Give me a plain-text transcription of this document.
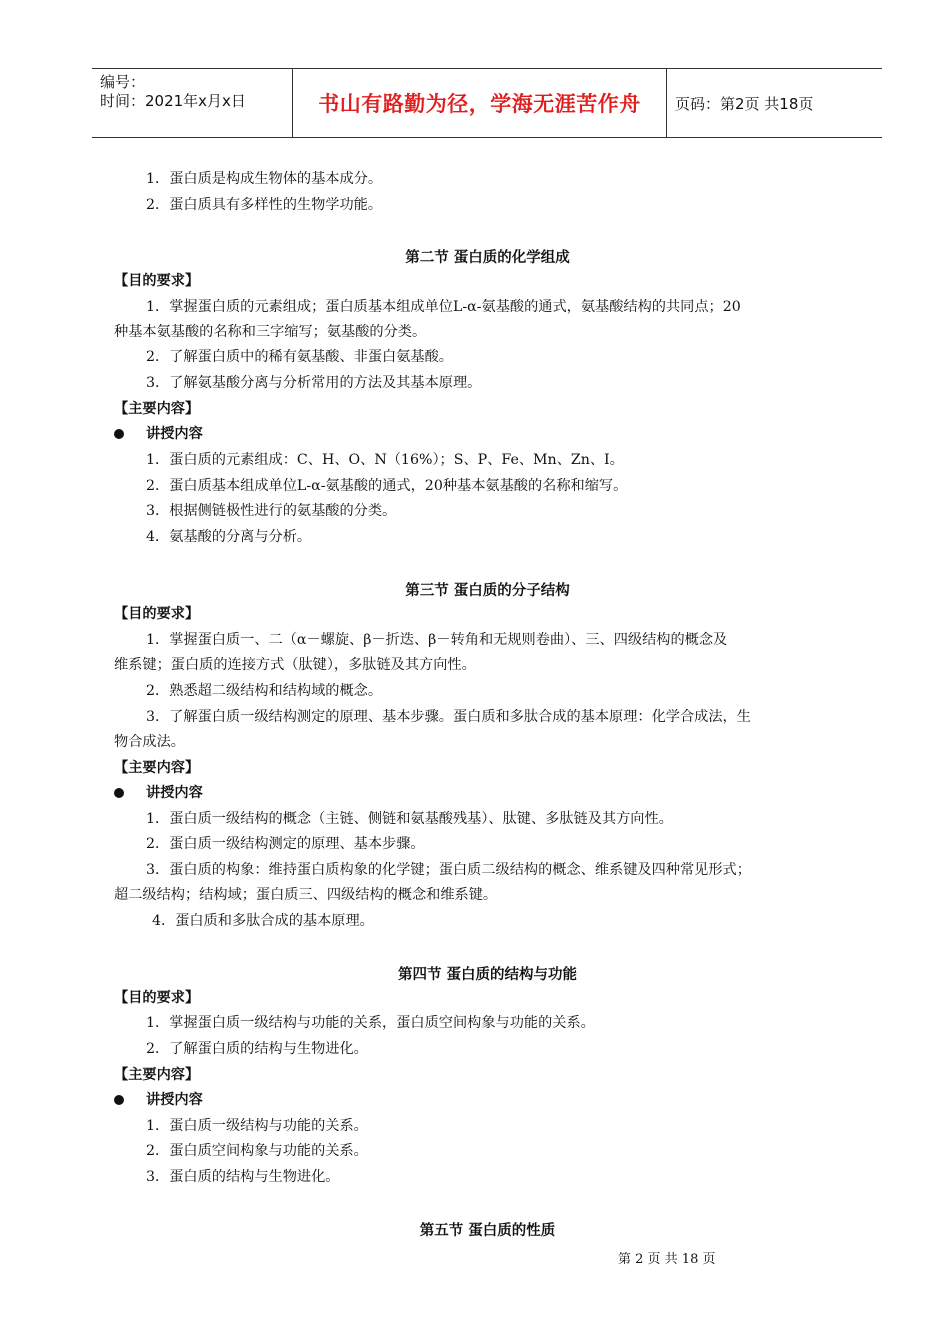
编号：
时间：2021年x月x日	书山有路勤为径，学海无涯苦作舟	页码：第2页 共18页
1．蛋白质是构成生物体的基本成分。
2．蛋白质具有多样性的生物学功能。
第二节 蛋白质的化学组成
【目的要求】
1．掌握蛋白质的元素组成；蛋白质基本组成单位L-α-氨基酸的通式，氨基酸结构的共同点；20
种基本氨基酸的名称和三字缩写；氨基酸的分类。
2．了解蛋白质中的稀有氨基酸、非蛋白氨基酸。
3．了解氨基酸分离与分析常用的方法及其基本原理。
【主要内容】
讲授内容
1．蛋白质的元素组成：C、H、O、N（16%）；S、P、Fe、Mn、Zn、I。
2．蛋白质基本组成单位L-α-氨基酸的通式，20种基本氨基酸的名称和缩写。
3．根据侧链极性进行的氨基酸的分类。
4．氨基酸的分离与分析。
第三节 蛋白质的分子结构
【目的要求】
1．掌握蛋白质一、二（α－螺旋、β－折迭、β－转角和无规则卷曲）、三、四级结构的概念及
维系键；蛋白质的连接方式（肽键），多肽链及其方向性。
2．熟悉超二级结构和结构域的概念。
3．了解蛋白质一级结构测定的原理、基本步骤。蛋白质和多肽合成的基本原理：化学合成法，生
物合成法。
【主要内容】
讲授内容
1．蛋白质一级结构的概念（主链、侧链和氨基酸残基）、肽键、多肽链及其方向性。
2．蛋白质一级结构测定的原理、基本步骤。
3．蛋白质的构象：维持蛋白质构象的化学键；蛋白质二级结构的概念、维系键及四种常见形式；
超二级结构；结构域；蛋白质三、四级结构的概念和维系键。
4．蛋白质和多肽合成的基本原理。
第四节 蛋白质的结构与功能
【目的要求】
1．掌握蛋白质一级结构与功能的关系，蛋白质空间构象与功能的关系。
2．了解蛋白质的结构与生物进化。
【主要内容】
讲授内容
1．蛋白质一级结构与功能的关系。
2．蛋白质空间构象与功能的关系。
3．蛋白质的结构与生物进化。
第五节 蛋白质的性质
第 2 页 共 18 页
